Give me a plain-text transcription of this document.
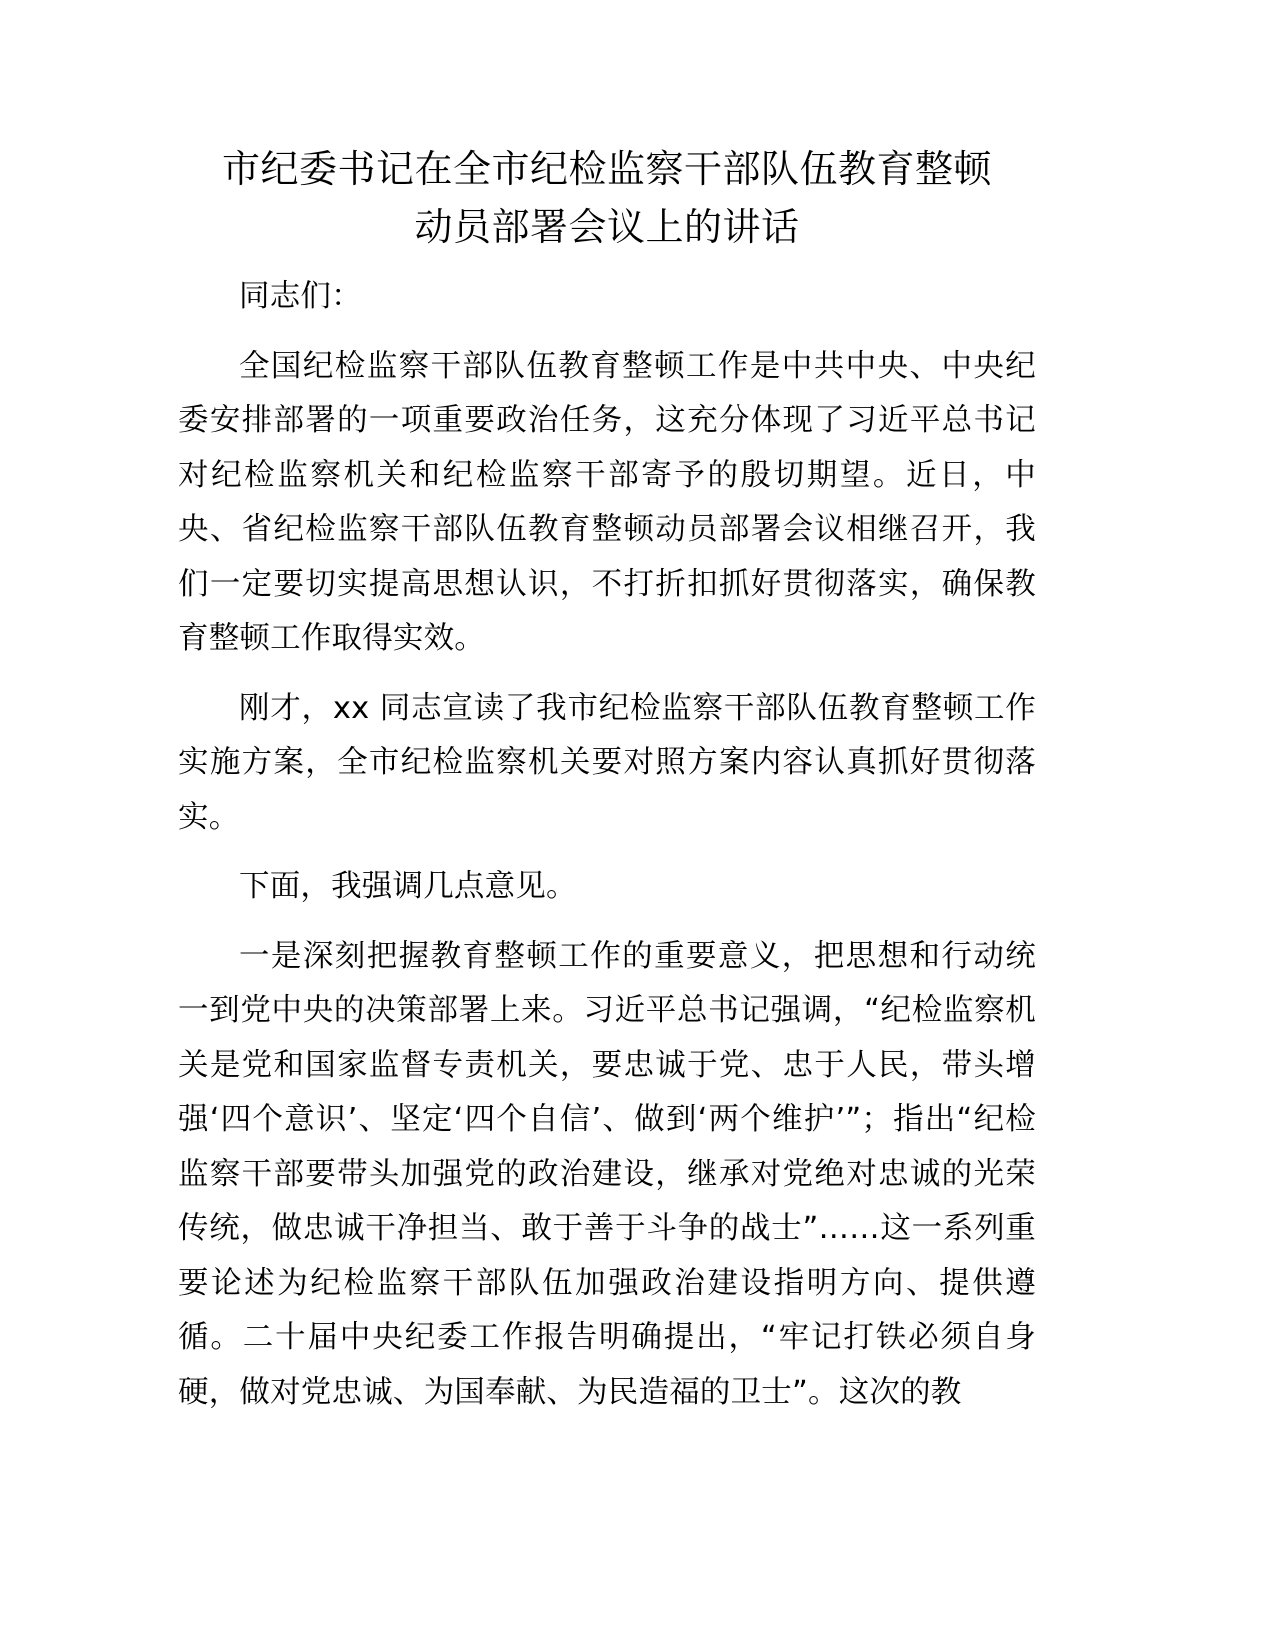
市纪委书记在全市纪检监察干部队伍教育整顿
动员部署会议上的讲话

同志们：

全国纪检监察干部队伍教育整顿工作是中共中央、中央纪委安排部署的一项重要政治任务，这充分体现了习近平总书记对纪检监察机关和纪检监察干部寄予的殷切期望。近日，中央、省纪检监察干部队伍教育整顿动员部署会议相继召开，我们一定要切实提高思想认识，不打折扣抓好贯彻落实，确保教育整顿工作取得实效。

刚才，xx 同志宣读了我市纪检监察干部队伍教育整顿工作实施方案，全市纪检监察机关要对照方案内容认真抓好贯彻落实。

下面，我强调几点意见。

一是深刻把握教育整顿工作的重要意义，把思想和行动统一到党中央的决策部署上来。习近平总书记强调，“纪检监察机关是党和国家监督专责机关，要忠诚于党、忠于人民，带头增强‘四个意识’、坚定‘四个自信’、做到‘两个维护’”；指出“纪检监察干部要带头加强党的政治建设，继承对党绝对忠诚的光荣传统，做忠诚干净担当、敢于善于斗争的战士”……这一系列重要论述为纪检监察干部队伍加强政治建设指明方向、提供遵循。二十届中央纪委工作报告明确提出，“牢记打铁必须自身硬，做对党忠诚、为国奉献、为民造福的卫士”。这次的教
